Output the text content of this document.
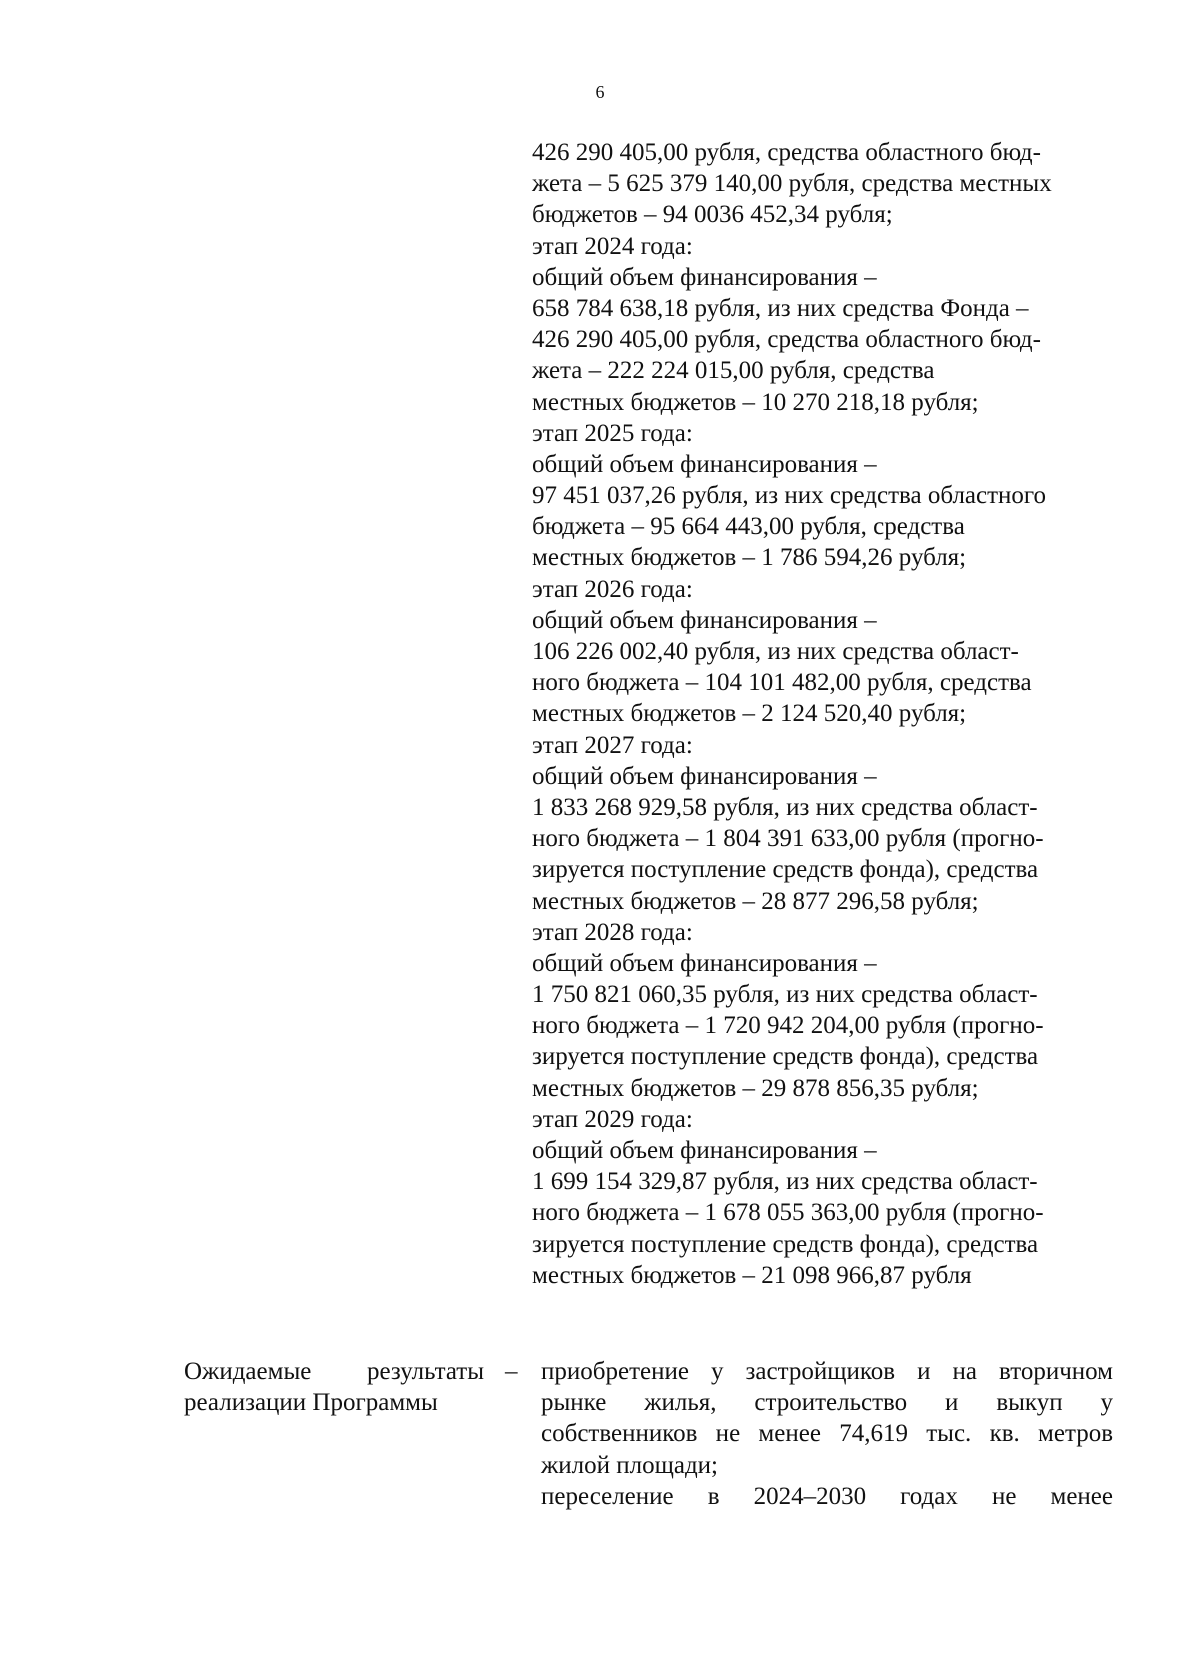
6
426 290 405,00 рубля, средства областного бюд-
жета – 5 625 379 140,00 рубля, средства местных
бюджетов – 94 0036 452,34 рубля;
этап 2024 года:
общий объем финансирования –
658 784 638,18 рубля, из них средства Фонда –
426 290 405,00 рубля, средства областного бюд-
жета – 222 224 015,00 рубля, средства
местных бюджетов – 10 270 218,18 рубля;
этап 2025 года:
общий объем финансирования –
97 451 037,26 рубля, из них средства областного
бюджета – 95 664 443,00 рубля, средства
местных бюджетов – 1 786 594,26 рубля;
этап 2026 года:
общий объем финансирования –
106 226 002,40 рубля, из них средства област-
ного бюджета – 104 101 482,00 рубля, средства
местных бюджетов – 2 124 520,40 рубля;
этап 2027 года:
общий объем финансирования –
1 833 268 929,58 рубля, из них средства област-
ного бюджета – 1 804 391 633,00 рубля (прогно-
зируется поступление средств фонда), средства
местных бюджетов – 28 877 296,58 рубля;
этап 2028 года:
общий объем финансирования –
1 750 821 060,35 рубля, из них средства област-
ного бюджета – 1 720 942 204,00 рубля (прогно-
зируется поступление средств фонда), средства
местных бюджетов – 29 878 856,35 рубля;
этап 2029 года:
общий объем финансирования –
1 699 154 329,87 рубля, из них средства област-
ного бюджета – 1 678 055 363,00 рубля (прогно-
зируется поступление средств фонда), средства
местных бюджетов – 21 098 966,87 рубля
Ожидаемые результаты
реализации Программы
– приобретение у застройщиков и на вторичном
рынке жилья, строительство и выкуп у
собственников не менее 74,619 тыс. кв. метров
жилой площади;
переселение в 2024–2030 годах не менее
